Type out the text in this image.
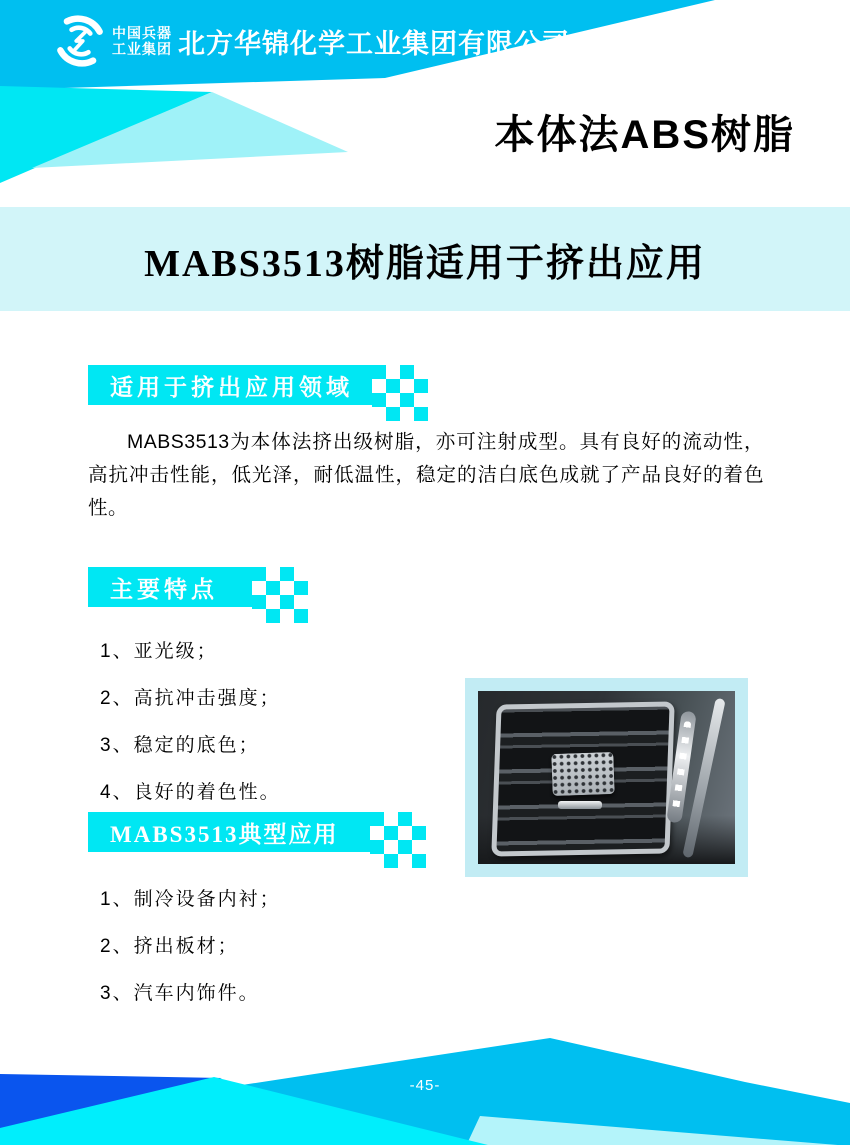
中国兵器
工业集团 北方华锦化学工业集团有限公司
本体法ABS树脂
MABS3513树脂适用于挤出应用
适用于挤出应用领域

MABS3513为本体法挤出级树脂，亦可注射成型。具有良好的流动性，高抗冲击性能，低光泽，耐低温性，稳定的洁白底色成就了产品良好的着色性。

主要特点
1、亚光级；
2、高抗冲击强度；
3、稳定的底色；
4、良好的着色性。
MABS3513典型应用
1、制冷设备内衬；
2、挤出板材；
3、汽车内饰件。
-45-
